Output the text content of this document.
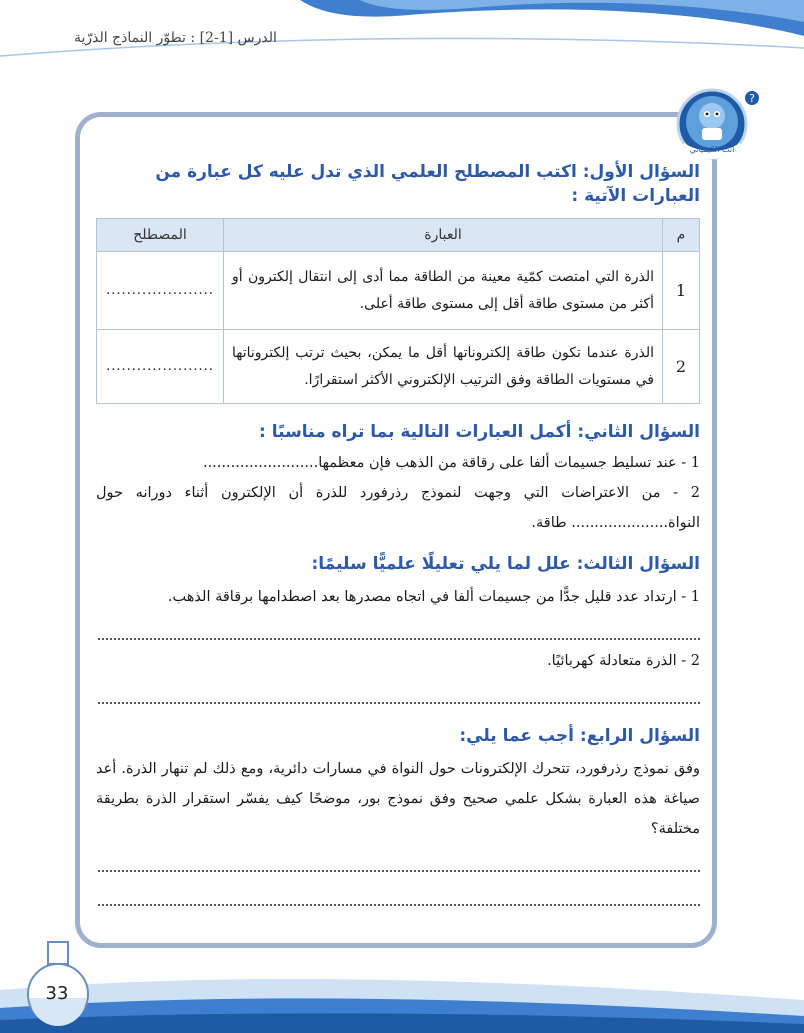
الدرس [1-2] : تطوّر النماذج الذرّية
?
أنت الكيميائي

السؤال الأول: اكتب المصطلح العلمي الذي تدل عليه كل عبارة من العبارات الآتية :

م	العبارة	المصطلح
1	الذرة التي امتصت كمّية معينة من الطاقة مما أدى إلى انتقال إلكترون أو أكثر من مستوى طاقة أقل إلى مستوى طاقة أعلى.	.....................
2	الذرة عندما تكون طاقة إلكتروناتها أقل ما يمكن، بحيث ترتب إلكتروناتها في مستويات الطاقة وفق الترتيب الإلكتروني الأكثر استقرارًا.	.....................

السؤال الثاني: أكمل العبارات التالية بما تراه مناسبًا :

1 - عند تسليط جسيمات ألفا على رقاقة من الذهب فإن معظمها.........................

2 - من الاعتراضات التي وجهت لنموذج رذرفورد للذرة أن الإلكترون أثناء دورانه حول النواة..................... طاقة.

السؤال الثالث: علل لما يلي تعليلًا علميًّا سليمًا:

1 - ارتداد عدد قليل جدًّا من جسيمات ألفا في اتجاه مصدرها بعد اصطدامها برقاقة الذهب.

2 - الذرة متعادلة كهربائيًا.

السؤال الرابع: أجب عما يلي:

وفق نموذج رذرفورد، تتحرك الإلكترونات حول النواة في مسارات دائرية، ومع ذلك لم تنهار الذرة. أعد صياغة هذه العبارة بشكل علمي صحيح وفق نموذج بور، موضحًا كيف يفسّر استقرار الذرة بطريقة مختلفة؟

33
